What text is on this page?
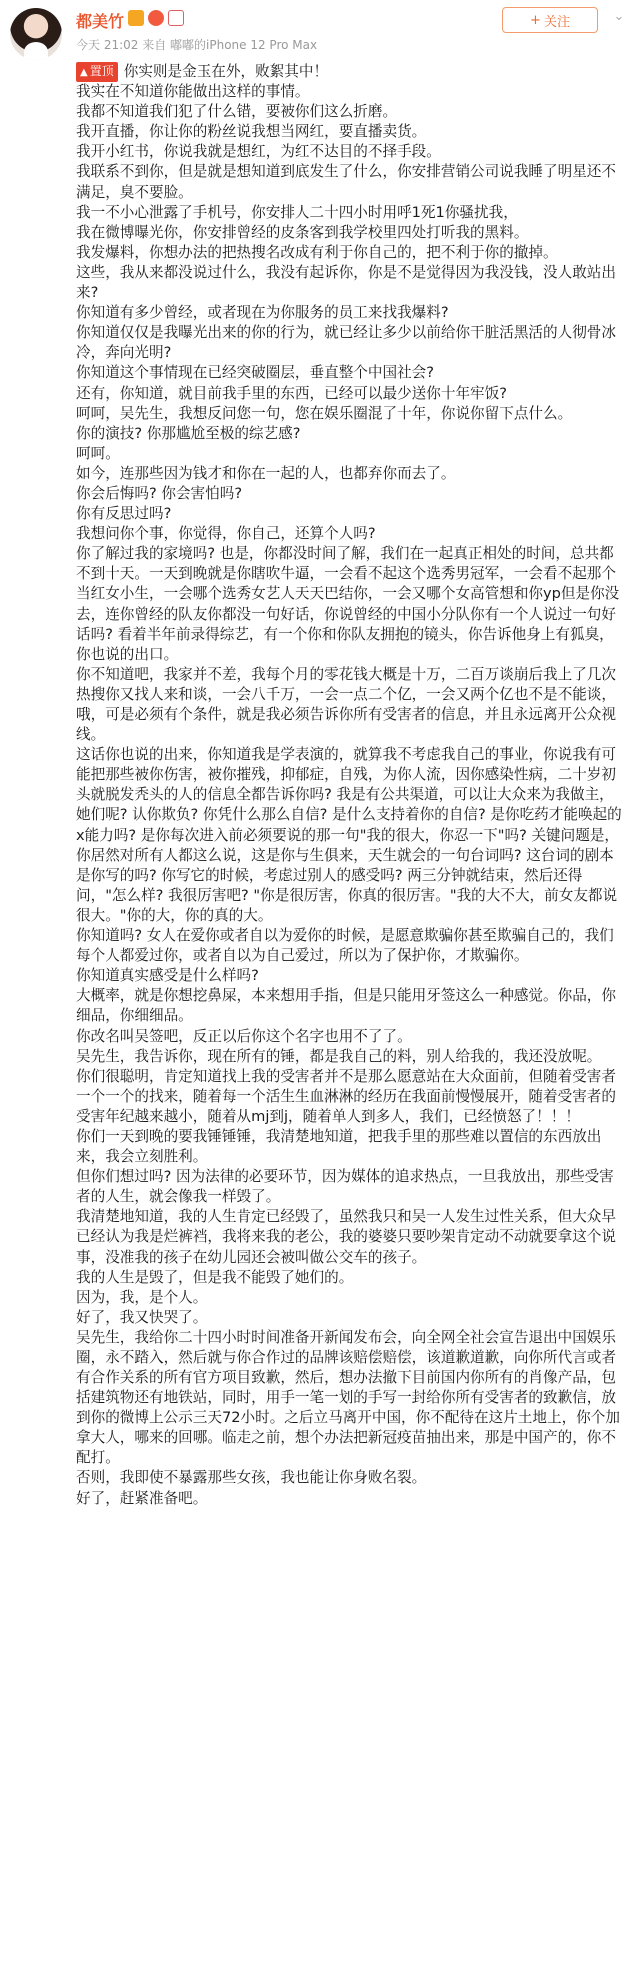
都美竹
今天 21:02 来自 嘟嘟的iPhone 12 Pro Max
+ 关注	⌄

▲ 置顶 你实则是金玉在外，败絮其中！

我实在不知道你能做出这样的事情。

我都不知道我们犯了什么错，要被你们这么折磨。

我开直播，你让你的粉丝说我想当网红，要直播卖货。

我开小红书，你说我就是想红，为红不达目的不择手段。

我联系不到你，但是就是想知道到底发生了什么，你安排营销公司说我睡了明星还不满足，臭不要脸。

我一不小心泄露了手机号，你安排人二十四小时用呼1死1你骚扰我，

我在微博曝光你，你安排曾经的皮条客到我学校里四处打听我的黑料。

我发爆料，你想办法的把热搜名改成有利于你自己的，把不利于你的撤掉。

这些，我从来都没说过什么，我没有起诉你，你是不是觉得因为我没钱，没人敢站出来?

你知道有多少曾经，或者现在为你服务的员工来找我爆料?

你知道仅仅是我曝光出来的你的行为，就已经让多少以前给你干脏活黑活的人彻骨冰冷，奔向光明?

你知道这个事情现在已经突破圈层，垂直整个中国社会?

还有，你知道，就目前我手里的东西，已经可以最少送你十年牢饭?

呵呵，吴先生，我想反问您一句，您在娱乐圈混了十年，你说你留下点什么。

你的演技? 你那尴尬至极的综艺感?

呵呵。

如今，连那些因为钱才和你在一起的人，也都弃你而去了。

你会后悔吗? 你会害怕吗?

你有反思过吗?

我想问你个事，你觉得，你自己，还算个人吗?

你了解过我的家境吗? 也是，你都没时间了解，我们在一起真正相处的时间，总共都不到十天。一天到晚就是你瞎吹牛逼，一会看不起这个选秀男冠军，一会看不起那个当红女小生，一会哪个选秀女艺人天天巴结你，一会又哪个女高管想和你yp但是你没去，连你曾经的队友你都没一句好话，你说曾经的中国小分队你有一个人说过一句好话吗? 看着半年前录得综艺，有一个你和你队友拥抱的镜头，你告诉他身上有狐臭，你也说的出口。

你不知道吧，我家并不差，我每个月的零花钱大概是十万，二百万谈崩后我上了几次热搜你又找人来和谈，一会八千万，一会一点二个亿，一会又两个亿也不是不能谈，哦，可是必须有个条件，就是我必须告诉你所有受害者的信息，并且永远离开公众视线。

这话你也说的出来，你知道我是学表演的，就算我不考虑我自己的事业，你说我有可能把那些被你伤害，被你摧残，抑郁症，自残，为你人流，因你感染性病，二十岁初头就脱发秃头的人的信息全都告诉你吗? 我是有公共渠道，可以让大众来为我做主，她们呢? 认你欺负? 你凭什么那么自信? 是什么支持着你的自信? 是你吃药才能唤起的x能力吗? 是你每次进入前必须要说的那一句"我的很大，你忍一下"吗? 关键问题是，你居然对所有人都这么说，这是你与生俱来，天生就会的一句台词吗? 这台词的剧本是你写的吗? 你写它的时候，考虑过别人的感受吗? 两三分钟就结束，然后还得问，"怎么样? 我很厉害吧? "你是很厉害，你真的很厉害。"我的大不大，前女友都说很大。"你的大，你的真的大。

你知道吗? 女人在爱你或者自以为爱你的时候，是愿意欺骗你甚至欺骗自己的，我们每个人都爱过你，或者自以为自己爱过，所以为了保护你，才欺骗你。

你知道真实感受是什么样吗?

大概率，就是你想挖鼻屎，本来想用手指，但是只能用牙签这么一种感觉。你品，你细品，你细细品。

你改名叫吴签吧，反正以后你这个名字也用不了了。

吴先生，我告诉你，现在所有的锤，都是我自己的料，别人给我的，我还没放呢。

你们很聪明，肯定知道找上我的受害者并不是那么愿意站在大众面前，但随着受害者一个一个的找来，随着每一个活生生血淋淋的经历在我面前慢慢展开，随着受害者的受害年纪越来越小，随着从mj到j，随着单人到多人，我们，已经愤怒了！！！

你们一天到晚的要我锤锤锤，我清楚地知道，把我手里的那些难以置信的东西放出来，我会立刻胜利。

但你们想过吗? 因为法律的必要环节，因为媒体的追求热点，一旦我放出，那些受害者的人生，就会像我一样毁了。

我清楚地知道，我的人生肯定已经毁了，虽然我只和吴一人发生过性关系，但大众早已经认为我是烂裤裆，我将来我的老公，我的婆婆只要吵架肯定动不动就要拿这个说事，没准我的孩子在幼儿园还会被叫做公交车的孩子。

我的人生是毁了，但是我不能毁了她们的。

因为，我，是个人。

好了，我又快哭了。

吴先生，我给你二十四小时时间准备开新闻发布会，向全网全社会宣告退出中国娱乐圈，永不踏入，然后就与你合作过的品牌该赔偿赔偿，该道歉道歉，向你所代言或者有合作关系的所有官方项目致歉，然后，想办法撤下目前国内你所有的肖像产品，包括建筑物还有地铁站，同时，用手一笔一划的手写一封给你所有受害者的致歉信，放到你的微博上公示三天72小时。之后立马离开中国，你不配待在这片土地上，你个加拿大人，哪来的回哪。临走之前，想个办法把新冠疫苗抽出来，那是中国产的，你不配打。

否则，我即使不暴露那些女孩，我也能让你身败名裂。

好了，赶紧准备吧。
